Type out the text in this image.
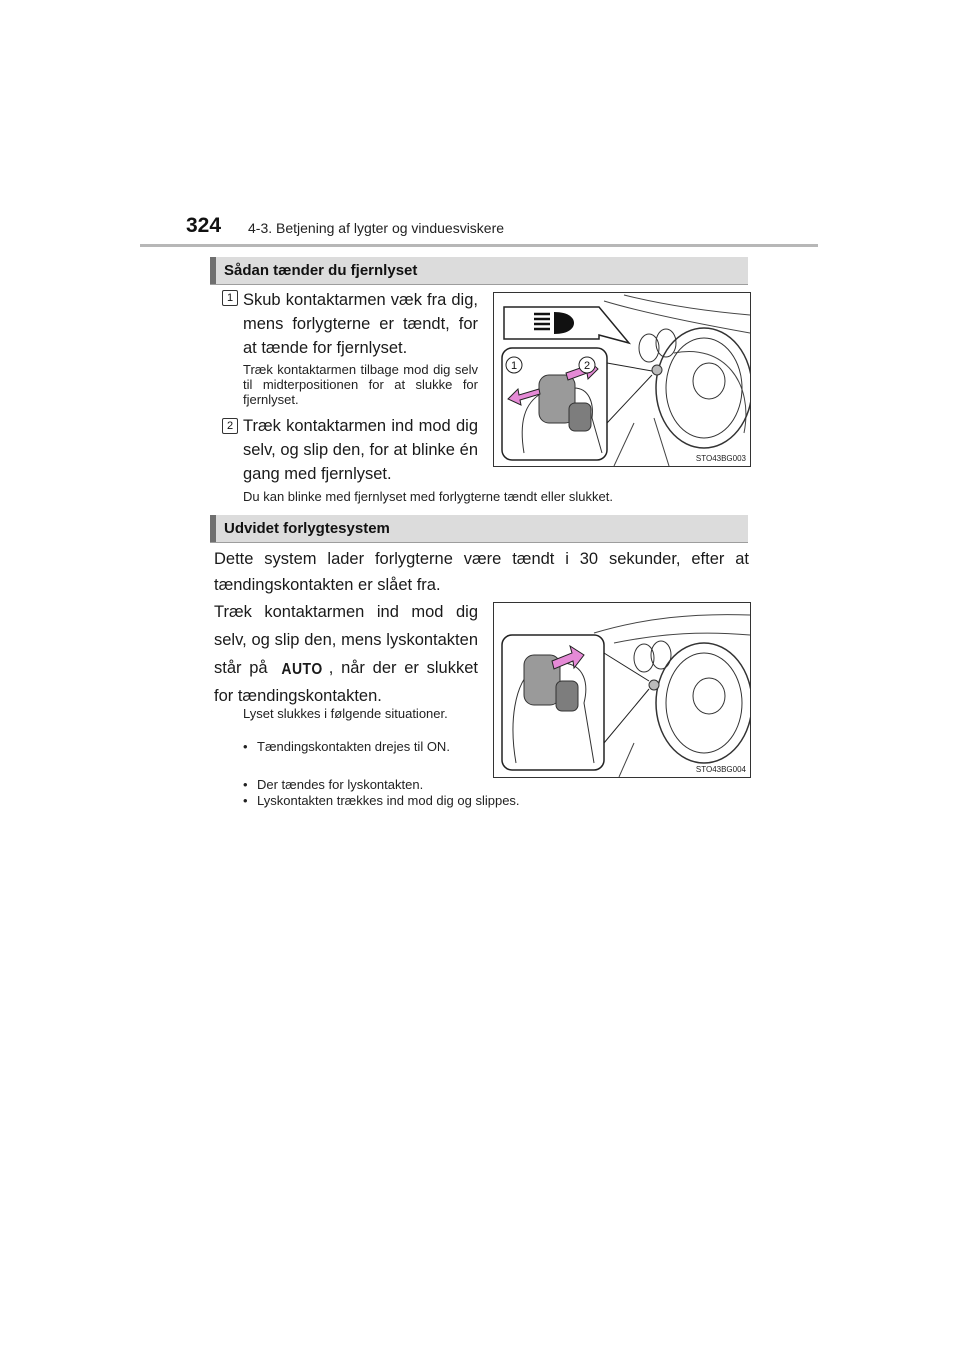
324 4-3. Betjening af lygter og vinduesviskere
Sådan tænder du fjernlyset
1 Skub kontaktarmen væk fra dig, mens forlygterne er tændt, for at tænde for fjernlyset.
Træk kontaktarmen tilbage mod dig selv til midterpositionen for at slukke for fjernlyset.
2 Træk kontaktarmen ind mod dig selv, og slip den, for at blinke én gang med fjernlyset.
1	2
STO43BG003
Du kan blinke med fjernlyset med forlygterne tændt eller slukket.
Udvidet forlygtesystem
Dette system lader forlygterne være tændt i 30 sekunder, efter at tændingskontakten er slået fra.
Træk kontaktarmen ind mod dig selv, og slip den, mens lyskontakten står på AUTO , når der er slukket for tændingskontakten.
Lyset slukkes i følgende situationer.
• Tændingskontakten drejes til ON.
• Der tændes for lyskontakten.
• Lyskontakten trækkes ind mod dig og slippes.
STO43BG004
